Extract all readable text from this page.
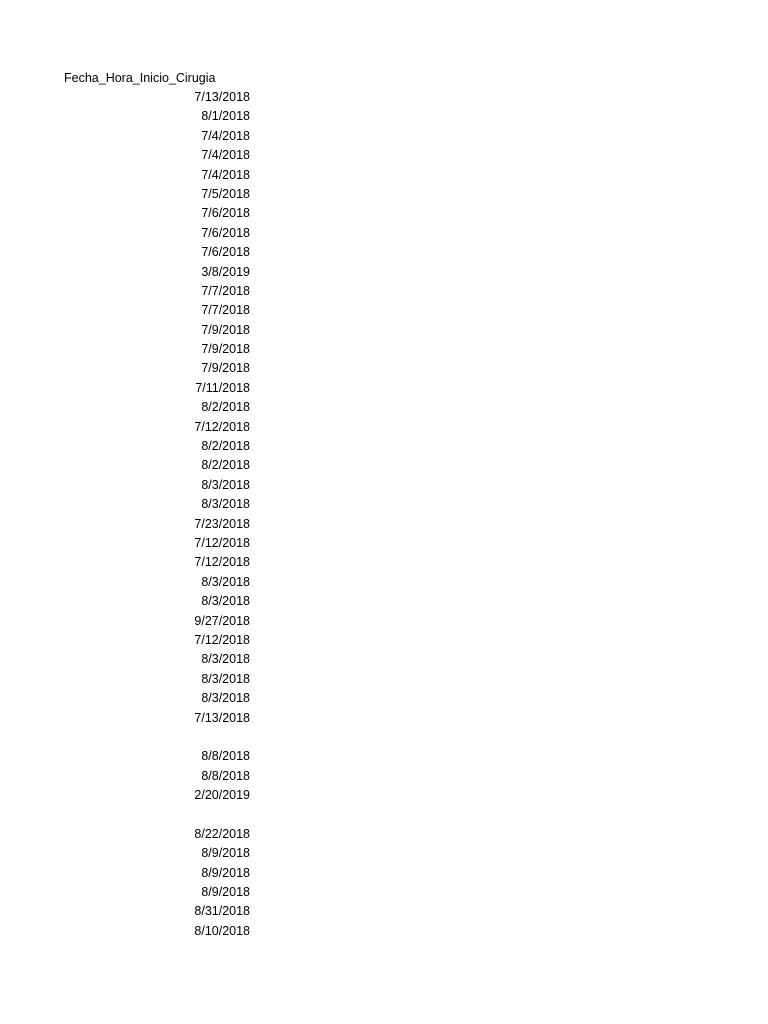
Fecha_Hora_Inicio_Cirugia
7/13/2018
8/1/2018
7/4/2018
7/4/2018
7/4/2018
7/5/2018
7/6/2018
7/6/2018
7/6/2018
3/8/2019
7/7/2018
7/7/2018
7/9/2018
7/9/2018
7/9/2018
7/11/2018
8/2/2018
7/12/2018
8/2/2018
8/2/2018
8/3/2018
8/3/2018
7/23/2018
7/12/2018
7/12/2018
8/3/2018
8/3/2018
9/27/2018
7/12/2018
8/3/2018
8/3/2018
8/3/2018
7/13/2018
8/8/2018
8/8/2018
2/20/2019
8/22/2018
8/9/2018
8/9/2018
8/9/2018
8/31/2018
8/10/2018
